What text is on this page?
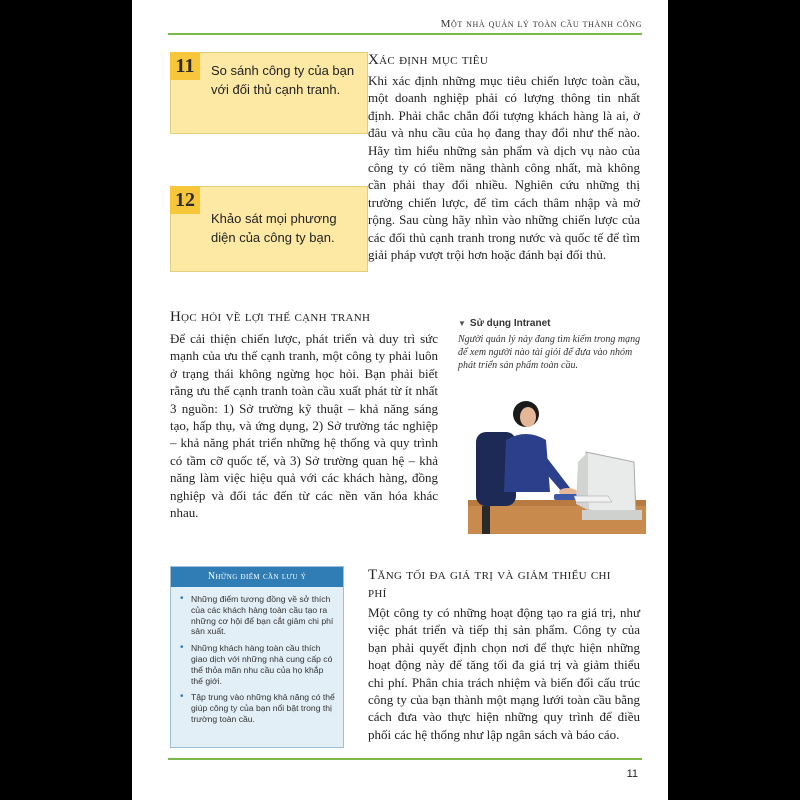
Một nhà quản lý toàn cầu thành công
11	So sánh công ty của bạn với đối thủ cạnh tranh.
12
Khảo sát mọi phương diện của công ty bạn.
Xác định mục tiêu

Khi xác định những mục tiêu chiến lược toàn cầu, một doanh nghiệp phải có lượng thông tin nhất định. Phải chắc chắn đối tượng khách hàng là ai, ở đâu và nhu cầu của họ đang thay đổi như thế nào. Hãy tìm hiểu những sản phẩm và dịch vụ nào của công ty có tiềm năng thành công nhất, mà không cần phải thay đổi nhiều. Nghiên cứu những thị trường chiến lược, để tìm cách thâm nhập và mở rộng. Sau cùng hãy nhìn vào những chiến lược của các đối thủ cạnh tranh trong nước và quốc tế để tìm giải pháp vượt trội hơn hoặc đánh bại đối thủ.

Học hỏi về lợi thế cạnh tranh

Để cải thiện chiến lược, phát triển và duy trì sức mạnh của ưu thế cạnh tranh, một công ty phải luôn ở trạng thái không ngừng học hỏi. Bạn phải biết rằng ưu thế cạnh tranh toàn cầu xuất phát từ ít nhất 3 nguồn: 1) Sở trường kỹ thuật – khả năng sáng tạo, hấp thụ, và ứng dụng, 2) Sở trường tác nghiệp – khả năng phát triển những hệ thống và quy trình có tầm cỡ quốc tế, và 3) Sở trường quan hệ – khả năng làm việc hiệu quả với các khách hàng, đồng nghiệp và đối tác đến từ các nền văn hóa khác nhau.

▼ Sử dụng Intranet

Người quản lý này đang tìm kiếm trong mạng để xem người nào tài giỏi để đưa vào nhóm phát triển sản phẩm toàn cầu.

Những điểm cần lưu ý
• Những điểm tương đồng về sở thích của các khách hàng toàn cầu tạo ra những cơ hội để bạn cắt giảm chi phí sản xuất.
• Những khách hàng toàn cầu thích giao dịch với những nhà cung cấp có thể thỏa mãn nhu cầu của họ khắp thế giới.
• Tập trung vào những khả năng có thể giúp công ty của bạn nổi bật trong thị trường toàn cầu.
Tăng tối đa giá trị và giảm thiểu chi phí

Một công ty có những hoạt động tạo ra giá trị, như việc phát triển và tiếp thị sản phẩm. Công ty của bạn phải quyết định chọn nơi để thực hiện những hoạt động này để tăng tối đa giá trị và giảm thiểu chi phí. Phân chia trách nhiệm và biến đổi cấu trúc công ty của bạn thành một mạng lưới toàn cầu bằng cách đưa vào thực hiện những quy trình để điều phối các hệ thống như lập ngân sách và báo cáo.

11
